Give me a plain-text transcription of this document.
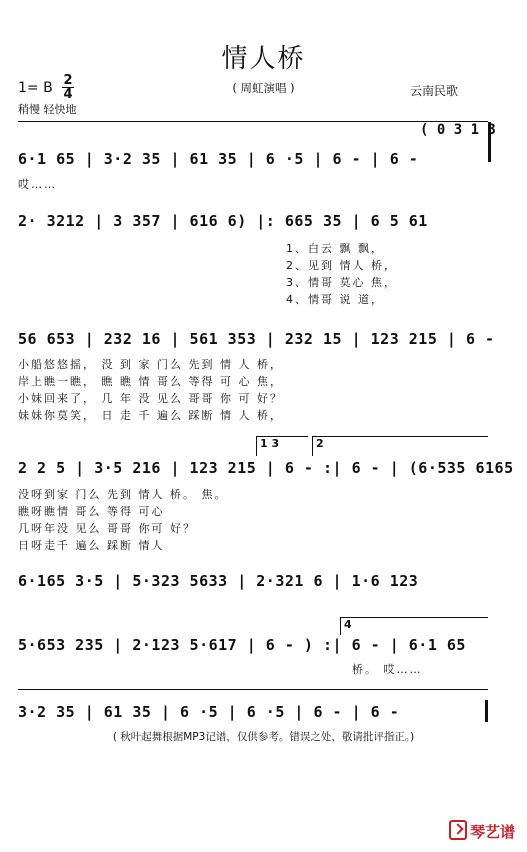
情人桥
1= B 2
4	( 周虹演唱 )	云南民歌
稍慢 轻快地
( 0 3 1 3
6·1 65 | 3·2 35 | 61 35 | 6 ·5 | 6 - | 6 -
哎……
2· 3212 | 3 357 | 616 6) |: 665 35 | 6 5 61
1、白云 飘 飘，
2、见到 情人 桥，
3、情哥 莫心 焦，
4、情哥 说 道，
56 653 | 232 16 | 561 353 | 232 15 | 123 215 | 6 -
小船悠悠摇， 没 到 家 门么 先到 情 人 桥，
岸上瞧一瞧， 瞧 瞧 情 哥么 等得 可 心 焦，
小妹回来了， 几 年 没 见么 哥哥 你 可 好？
妹妹你莫笑， 日 走 千 遍么 踩断 情 人 桥，
1 3	2
2 2 5 | 3·5 216 | 123 215 | 6 - :| 6 - | (6·535 6165
没呀到家 门么 先到 情人 桥。 焦。
瞧呀瞧情 哥么 等得 可心
几呀年没 见么 哥哥 你可 好？
日呀走千 遍么 踩断 情人
6·165 3·5 | 5·323 5633 | 2·321 6 | 1·6 123
4
5·653 235 | 2·123 5·617 | 6 - ) :| 6 - | 6·1 65
桥。 哎……
3·2 35 | 61 35 | 6 ·5 | 6 ·5 | 6 - | 6 -
( 秋叶起舞根据MP3记谱，仅供参考。错误之处，敬请批评指正。)
琴艺谱
